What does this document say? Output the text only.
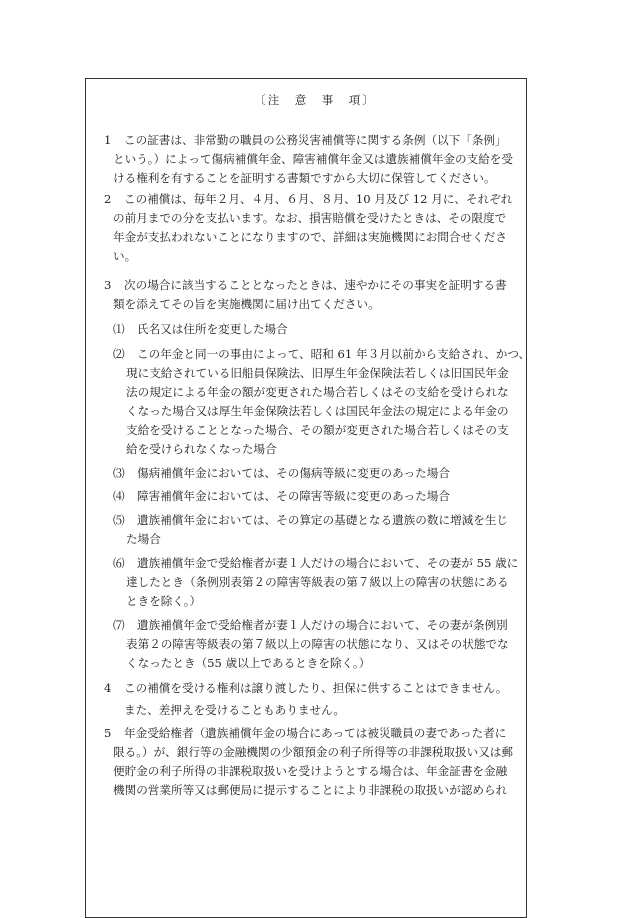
〔注　意　事　項〕
1 この証書は、非常勤の職員の公務災害補償等に関する条例（以下「条例」
という。）によって傷病補償年金、障害補償年金又は遺族補償年金の支給を受
ける権利を有することを証明する書類ですから大切に保管してください。
2 この補償は、毎年２月、４月、６月、８月、10 月及び 12 月に、それぞれ
の前月までの分を支払います。なお、損害賠償を受けたときは、その限度で
年金が支払われないことになりますので、詳細は実施機関にお問合せくださ
い。
3 次の場合に該当することとなったときは、速やかにその事実を証明する書
類を添えてその旨を実施機関に届け出てください。
⑴ 氏名又は住所を変更した場合
⑵ この年金と同一の事由によって、昭和 61 年３月以前から支給され、かつ、
現に支給されている旧船員保険法、旧厚生年金保険法若しくは旧国民年金
法の規定による年金の額が変更された場合若しくはその支給を受けられな
くなった場合又は厚生年金保険法若しくは国民年金法の規定による年金の
支給を受けることとなった場合、その額が変更された場合若しくはその支
給を受けられなくなった場合
⑶ 傷病補償年金においては、その傷病等級に変更のあった場合
⑷ 障害補償年金においては、その障害等級に変更のあった場合
⑸ 遺族補償年金においては、その算定の基礎となる遺族の数に増減を生じ
た場合
⑹ 遺族補償年金で受給権者が妻１人だけの場合において、その妻が 55 歳に
達したとき（条例別表第２の障害等級表の第７級以上の障害の状態にある
ときを除く。）
⑺ 遺族補償年金で受給権者が妻１人だけの場合において、その妻が条例別
表第２の障害等級表の第７級以上の障害の状態になり、又はその状態でな
くなったとき（55 歳以上であるときを除く。）
4 この補償を受ける権利は譲り渡したり、担保に供することはできません。
また、差押えを受けることもありません。
5 年金受給権者（遺族補償年金の場合にあっては被災職員の妻であった者に
限る。）が、銀行等の金融機関の少額預金の利子所得等の非課税取扱い又は郵
便貯金の利子所得の非課税取扱いを受けようとする場合は、年金証書を金融
機関の営業所等又は郵便局に提示することにより非課税の取扱いが認められ
